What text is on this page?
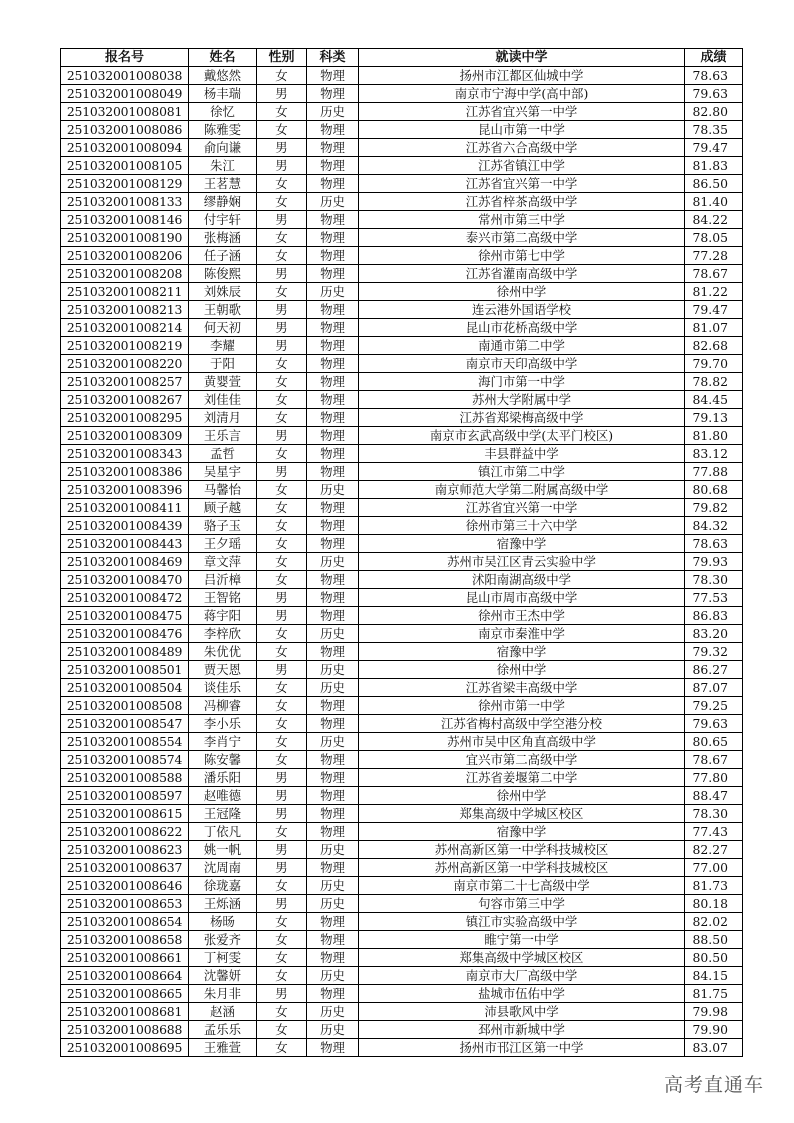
报名号	姓名	性别	科类	就读中学	成绩
251032001008038	戴悠然	女	物理	扬州市江都区仙城中学	78.63
251032001008049	杨丰瑞	男	物理	南京市宁海中学(高中部)	79.63
251032001008081	徐忆	女	历史	江苏省宜兴第一中学	82.80
251032001008086	陈雅雯	女	物理	昆山市第一中学	78.35
251032001008094	俞向谦	男	物理	江苏省六合高级中学	79.47
251032001008105	朱江	男	物理	江苏省镇江中学	81.83
251032001008129	王茗慧	女	物理	江苏省宜兴第一中学	86.50
251032001008133	缪静娴	女	历史	江苏省梓茶高级中学	81.40
251032001008146	付宇轩	男	物理	常州市第三中学	84.22
251032001008190	张梅涵	女	物理	泰兴市第二高级中学	78.05
251032001008206	任子涵	女	物理	徐州市第七中学	77.28
251032001008208	陈俊熙	男	物理	江苏省灌南高级中学	78.67
251032001008211	刘姝辰	女	历史	徐州中学	81.22
251032001008213	王朝歌	男	物理	连云港外国语学校	79.47
251032001008214	何天初	男	物理	昆山市花桥高级中学	81.07
251032001008219	李耀	男	物理	南通市第二中学	82.68
251032001008220	于阳	女	物理	南京市天印高级中学	79.70
251032001008257	黄婴萱	女	物理	海门市第一中学	78.82
251032001008267	刘佳佳	女	物理	苏州大学附属中学	84.45
251032001008295	刘清月	女	物理	江苏省郑梁梅高级中学	79.13
251032001008309	王乐言	男	物理	南京市玄武高级中学(太平门校区)	81.80
251032001008343	孟哲	女	物理	丰县群益中学	83.12
251032001008386	吴星宇	男	物理	镇江市第二中学	77.88
251032001008396	马馨怡	女	历史	南京师范大学第二附属高级中学	80.68
251032001008411	顾子越	女	物理	江苏省宜兴第一中学	79.82
251032001008439	骆子玉	女	物理	徐州市第三十六中学	84.32
251032001008443	王夕瑶	女	物理	宿豫中学	78.63
251032001008469	章文萍	女	历史	苏州市吴江区青云实验中学	79.93
251032001008470	吕沂樟	女	物理	沭阳南湖高级中学	78.30
251032001008472	王智铭	男	物理	昆山市周市高级中学	77.53
251032001008475	蒋宇阳	男	物理	徐州市王杰中学	86.83
251032001008476	李梓欣	女	历史	南京市秦淮中学	83.20
251032001008489	朱优优	女	物理	宿豫中学	79.32
251032001008501	贾天恩	男	历史	徐州中学	86.27
251032001008504	谈佳乐	女	历史	江苏省梁丰高级中学	87.07
251032001008508	冯柳睿	女	物理	徐州市第一中学	79.25
251032001008547	李小乐	女	物理	江苏省梅村高级中学空港分校	79.63
251032001008554	李肖宁	女	历史	苏州市吴中区角直高级中学	80.65
251032001008574	陈安馨	女	物理	宜兴市第二高级中学	78.67
251032001008588	潘乐阳	男	物理	江苏省姜堰第二中学	77.80
251032001008597	赵唯德	男	物理	徐州中学	88.47
251032001008615	王冠隆	男	物理	郑集高级中学城区校区	78.30
251032001008622	丁依凡	女	物理	宿豫中学	77.43
251032001008623	姚一帆	男	历史	苏州高新区第一中学科技城校区	82.27
251032001008637	沈周南	男	物理	苏州高新区第一中学科技城校区	77.00
251032001008646	徐珑嘉	女	历史	南京市第二十七高级中学	81.73
251032001008653	王烁涵	男	历史	句容市第三中学	80.18
251032001008654	杨旸	女	物理	镇江市实验高级中学	82.02
251032001008658	张爱齐	女	物理	睢宁第一中学	88.50
251032001008661	丁柯雯	女	物理	郑集高级中学城区校区	80.50
251032001008664	沈馨妍	女	历史	南京市大厂高级中学	84.15
251032001008665	朱月非	男	物理	盐城市伍佑中学	81.75
251032001008681	赵涵	女	历史	沛县歌风中学	79.98
251032001008688	孟乐乐	女	历史	邳州市新城中学	79.90
251032001008695	王雅萱	女	物理	扬州市邗江区第一中学	83.07
高考直通车
